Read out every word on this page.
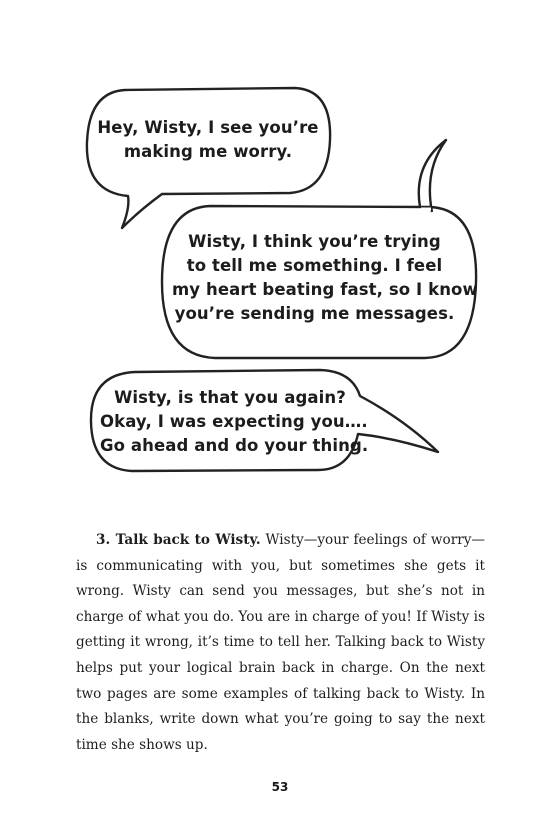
Hey, Wisty, I see you’re
making me worry.
Wisty, I think you’re trying
to tell me something. I feel
my heart beating fast, so I know
you’re sending me messages.
Wisty, is that you again?
Okay, I was expecting you….
Go ahead and do your thing.

3. Talk back to Wisty. Wisty—your feelings of worry—is communicating with you, but sometimes she gets it wrong. Wisty can send you messages, but she’s not in charge of what you do. You are in charge of you! If Wisty is getting it wrong, it’s time to tell her. Talking back to Wisty helps put your logical brain back in charge. On the next two pages are some examples of talking back to Wisty. In the blanks, write down what you’re going to say the next time she shows up.

53
